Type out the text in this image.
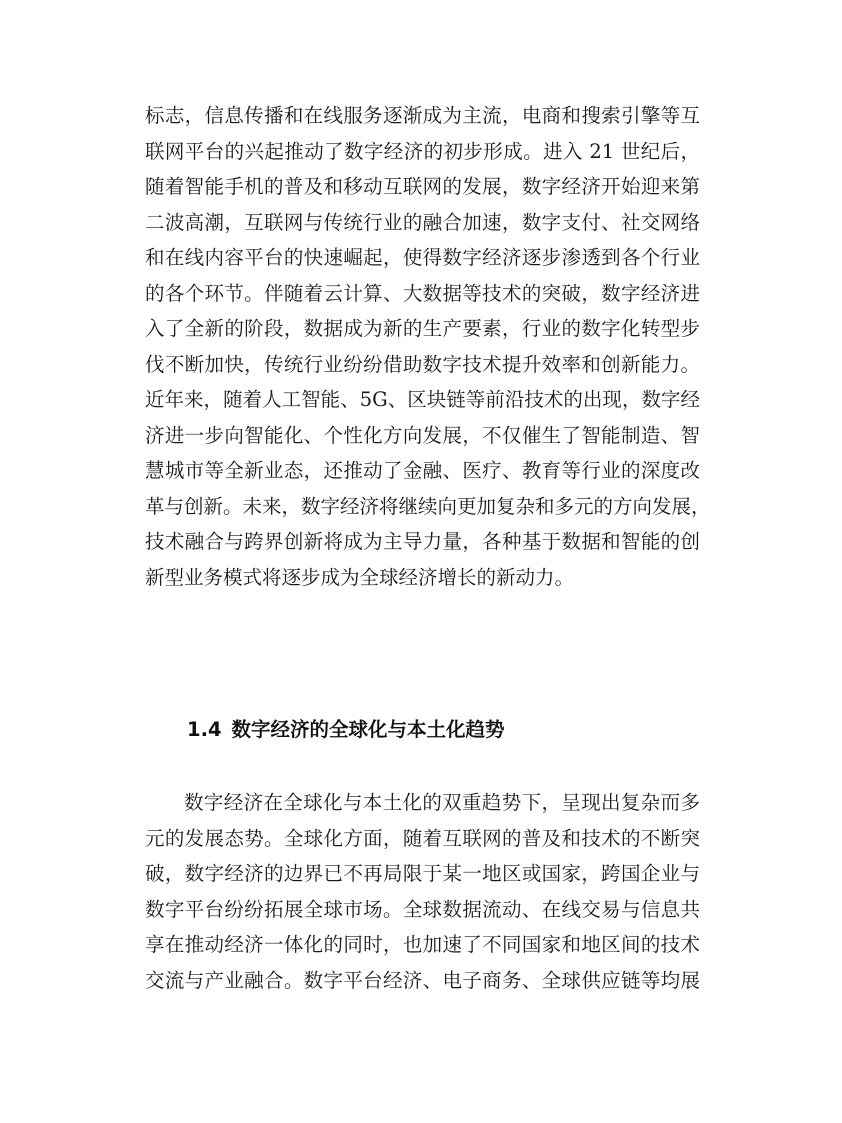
标志，信息传播和在线服务逐渐成为主流，电商和搜索引擎等互
联网平台的兴起推动了数字经济的初步形成。进入 21 世纪后，
随着智能手机的普及和移动互联网的发展，数字经济开始迎来第
二波高潮，互联网与传统行业的融合加速，数字支付、社交网络
和在线内容平台的快速崛起，使得数字经济逐步渗透到各个行业
的各个环节。伴随着云计算、大数据等技术的突破，数字经济进
入了全新的阶段，数据成为新的生产要素，行业的数字化转型步
伐不断加快，传统行业纷纷借助数字技术提升效率和创新能力。
近年来，随着人工智能、5G、区块链等前沿技术的出现，数字经
济进一步向智能化、个性化方向发展，不仅催生了智能制造、智
慧城市等全新业态，还推动了金融、医疗、教育等行业的深度改
革与创新。未来，数字经济将继续向更加复杂和多元的方向发展，
技术融合与跨界创新将成为主导力量，各种基于数据和智能的创
新型业务模式将逐步成为全球经济增长的新动力。

1.4 数字经济的全球化与本土化趋势

数字经济在全球化与本土化的双重趋势下，呈现出复杂而多
元的发展态势。全球化方面，随着互联网的普及和技术的不断突
破，数字经济的边界已不再局限于某一地区或国家，跨国企业与
数字平台纷纷拓展全球市场。全球数据流动、在线交易与信息共
享在推动经济一体化的同时，也加速了不同国家和地区间的技术
交流与产业融合。数字平台经济、电子商务、全球供应链等均展
